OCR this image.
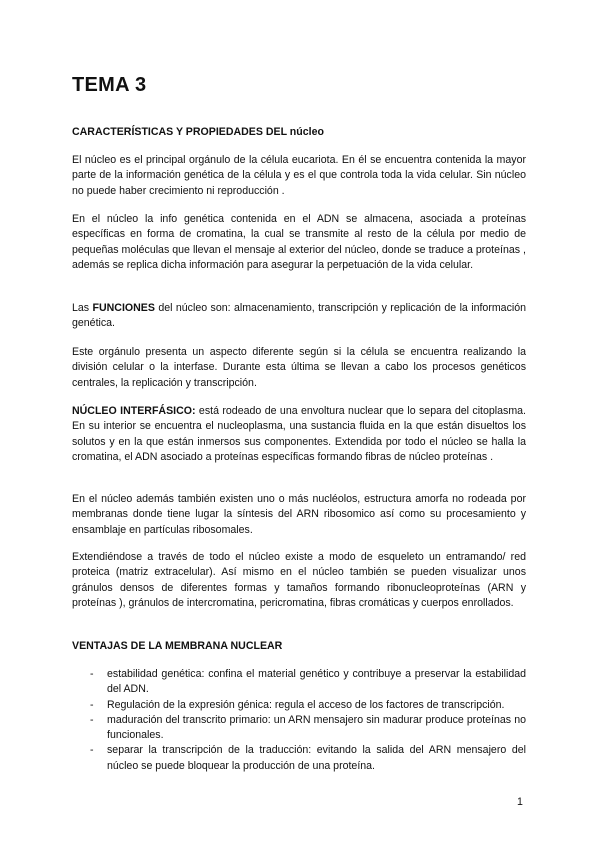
TEMA 3
CARACTERÍSTICAS Y PROPIEDADES DEL núcleo

El núcleo es el principal orgánulo de la célula eucariota. En él se encuentra contenida la mayor parte de la información genética de la célula y es el que controla toda la vida celular. Sin núcleo no puede haber crecimiento ni reproducción .

En el núcleo la info genética contenida en el ADN se almacena, asociada a proteínas específicas en forma de cromatina, la cual se transmite al resto de la célula por medio de pequeñas moléculas que llevan el mensaje al exterior del núcleo, donde se traduce a proteínas , además se replica dicha información para asegurar la perpetuación de la vida celular.

Las FUNCIONES del núcleo son: almacenamiento, transcripción y replicación de la información genética.

Este orgánulo presenta un aspecto diferente según si la célula se encuentra realizando la división celular o la interfase. Durante esta última se llevan a cabo los procesos genéticos centrales, la replicación y transcripción.

NÚCLEO INTERFÁSICO: está rodeado de una envoltura nuclear que lo separa del citoplasma. En su interior se encuentra el nucleoplasma, una sustancia fluida en la que están disueltos los solutos y en la que están inmersos sus componentes. Extendida por todo el núcleo se halla la cromatina, el ADN asociado a proteínas específicas formando fibras de núcleo proteínas .

En el núcleo además también existen uno o más nucléolos, estructura amorfa no rodeada por membranas donde tiene lugar la síntesis del ARN ribosomico así como su procesamiento y ensamblaje en partículas ribosomales.

Extendiéndose a través de todo el núcleo existe a modo de esqueleto un entramando/ red proteica (matriz extracelular). Así mismo en el núcleo también se pueden visualizar unos gránulos densos de diferentes formas y tamaños formando ribonucleoproteínas (ARN y proteínas ), gránulos de intercromatina, pericromatina, fibras cromáticas y cuerpos enrollados.

VENTAJAS DE LA MEMBRANA NUCLEAR
- estabilidad genética: confina el material genético y contribuye a preservar la estabilidad del ADN.
- Regulación de la expresión génica: regula el acceso de los factores de transcripción.
- maduración del transcrito primario: un ARN mensajero sin madurar produce proteínas no funcionales.
- separar la transcripción de la traducción: evitando la salida del ARN mensajero del núcleo se puede bloquear la producción de una proteína.
1
